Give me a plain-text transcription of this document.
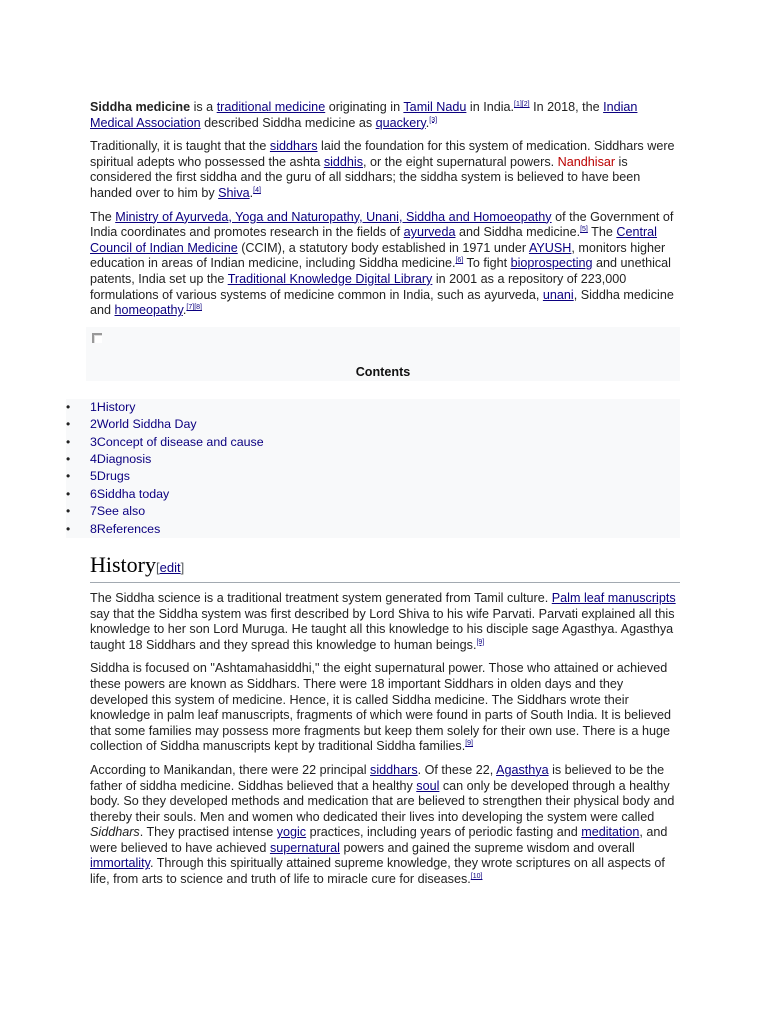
Siddha medicine is a traditional medicine originating in Tamil Nadu in India.[1][2] In 2018, the Indian Medical Association described Siddha medicine as quackery.[3]

Traditionally, it is taught that the siddhars laid the foundation for this system of medication. Siddhars were spiritual adepts who possessed the ashta siddhis, or the eight supernatural powers. Nandhisar is considered the first siddha and the guru of all siddhars; the siddha system is believed to have been handed over to him by Shiva.[4]

The Ministry of Ayurveda, Yoga and Naturopathy, Unani, Siddha and Homoeopathy of the Government of India coordinates and promotes research in the fields of ayurveda and Siddha medicine.[5] The Central Council of Indian Medicine (CCIM), a statutory body established in 1971 under AYUSH, monitors higher education in areas of Indian medicine, including Siddha medicine.[6] To fight bioprospecting and unethical patents, India set up the Traditional Knowledge Digital Library in 2001 as a repository of 223,000 formulations of various systems of medicine common in India, such as ayurveda, unani, Siddha medicine and homeopathy.[7][8]

Contents
• 1History
• 2World Siddha Day
• 3Concept of disease and cause
• 4Diagnosis
• 5Drugs
• 6Siddha today
• 7See also
• 8References
History[edit]

The Siddha science is a traditional treatment system generated from Tamil culture. Palm leaf manuscripts say that the Siddha system was first described by Lord Shiva to his wife Parvati. Parvati explained all this knowledge to her son Lord Muruga. He taught all this knowledge to his disciple sage Agasthya. Agasthya taught 18 Siddhars and they spread this knowledge to human beings.[9]

Siddha is focused on "Ashtamahasiddhi," the eight supernatural power. Those who attained or achieved these powers are known as Siddhars. There were 18 important Siddhars in olden days and they developed this system of medicine. Hence, it is called Siddha medicine. The Siddhars wrote their knowledge in palm leaf manuscripts, fragments of which were found in parts of South India. It is believed that some families may possess more fragments but keep them solely for their own use. There is a huge collection of Siddha manuscripts kept by traditional Siddha families.[9]

According to Manikandan, there were 22 principal siddhars. Of these 22, Agasthya is believed to be the father of siddha medicine. Siddhas believed that a healthy soul can only be developed through a healthy body. So they developed methods and medication that are believed to strengthen their physical body and thereby their souls. Men and women who dedicated their lives into developing the system were called Siddhars. They practised intense yogic practices, including years of periodic fasting and meditation, and were believed to have achieved supernatural powers and gained the supreme wisdom and overall immortality. Through this spiritually attained supreme knowledge, they wrote scriptures on all aspects of life, from arts to science and truth of life to miracle cure for diseases.[10]
